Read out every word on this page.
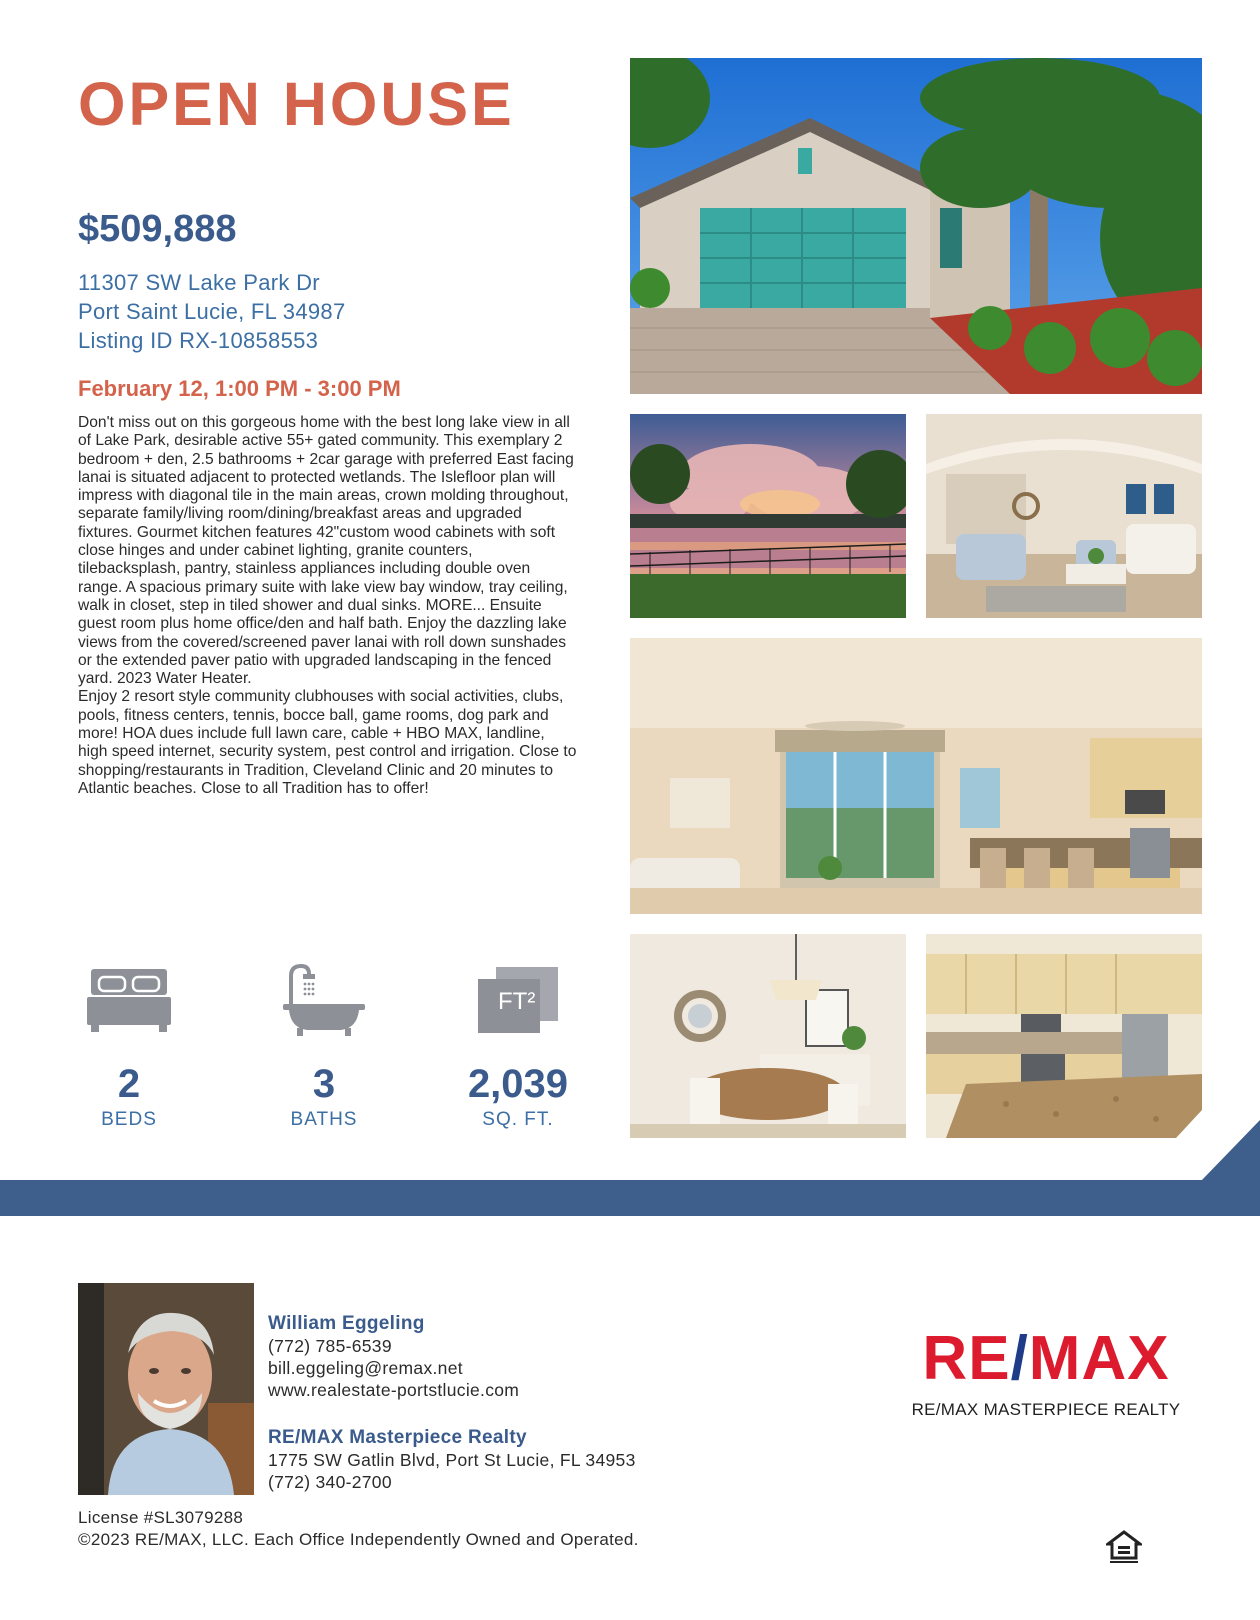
OPEN HOUSE
$509,888
11307 SW Lake Park Dr
Port Saint Lucie, FL 34987
Listing ID RX-10858553
February 12, 1:00 PM - 3:00 PM

Don't miss out on this gorgeous home with the best long lake view in all of Lake Park, desirable active 55+ gated community. This exemplary 2 bedroom + den, 2.5 bathrooms + 2car garage with preferred East facing lanai is situated adjacent to protected wetlands. The Islefloor plan will impress with diagonal tile in the main areas, crown molding throughout, separate family/living room/dining/breakfast areas and upgraded fixtures. Gourmet kitchen features 42"custom wood cabinets with soft close hinges and under cabinet lighting, granite counters, tilebacksplash, pantry, stainless appliances including double oven range. A spacious primary suite with lake view bay window, tray ceiling, walk in closet, step in tiled shower and dual sinks. MORE... Ensuite guest room plus home office/den and half bath. Enjoy the dazzling lake views from the covered/screened paver lanai with roll down sunshades or the extended paver patio with upgraded landscaping in the fenced yard. 2023 Water Heater.

Enjoy 2 resort style community clubhouses with social activities, clubs, pools, fitness centers, tennis, bocce ball, game rooms, dog park and more! HOA dues include full lawn care, cable + HBO MAX, landline, high speed internet, security system, pest control and irrigation. Close to shopping/restaurants in Tradition, Cleveland Clinic and 20 minutes to Atlantic beaches. Close to all Tradition has to offer!

2
BEDS
3
BATHS
FT²
2,039
SQ. FT.
William Eggeling
(772) 785-6539
bill.eggeling@remax.net
www.realestate-portstlucie.com
RE/MAX Masterpiece Realty
1775 SW Gatlin Blvd, Port St Lucie, FL 34953
(772) 340-2700
License #SL3079288
©2023 RE/MAX, LLC. Each Office Independently Owned and Operated.
RE/MAX
RE/MAX MASTERPIECE REALTY
